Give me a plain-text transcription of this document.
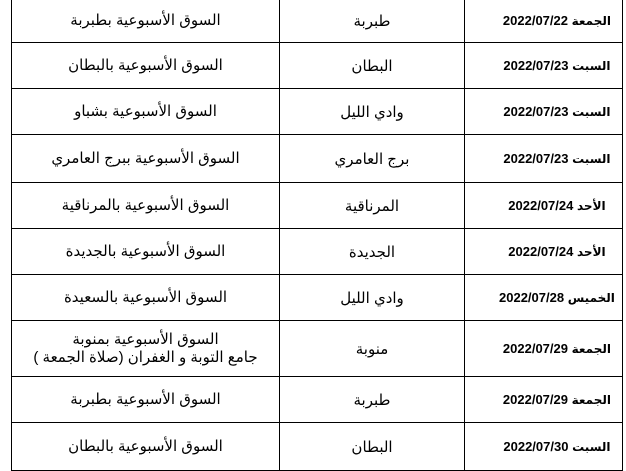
السوق الأسبوعية بطبربة	طبربة	الجمعة 2022/07/22

السوق الأسبوعية بالبطان	البطان	السبت 2022/07/23

السوق الأسبوعية بشباو	وادي الليل	السبت 2022/07/23

السوق الأسبوعية ببرج العامري	برج العامري	السبت 2022/07/23

السوق الأسبوعية بالمرناقية	المرناقية	الأحد 2022/07/24

السوق الأسبوعية بالجديدة	الجديدة	الأحد 2022/07/24

السوق الأسبوعية بالسعيدة	وادي الليل	الخميس 2022/07/28

السوق الأسبوعية بمنوبة
جامع التوبة و الغفران (صلاة الجمعة )	منوبة	الجمعة 2022/07/29

السوق الأسبوعية بطبربة	طبربة	الجمعة 2022/07/29

السوق الأسبوعية بالبطان	البطان	السبت 2022/07/30
